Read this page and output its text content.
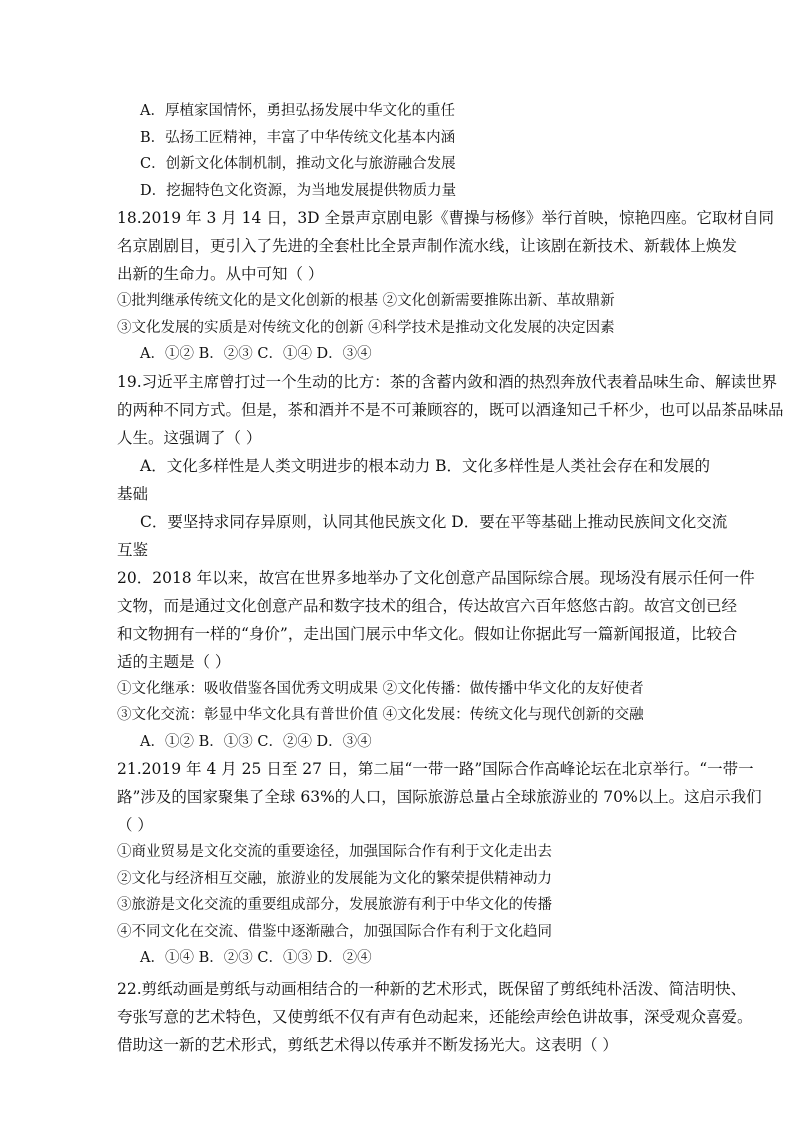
A．厚植家国情怀，勇担弘扬发展中华文化的重任
B．弘扬工匠精神，丰富了中华传统文化基本内涵
C．创新文化体制机制，推动文化与旅游融合发展
D．挖掘特色文化资源，为当地发展提供物质力量
18.2019 年 3 月 14 日，3D 全景声京剧电影《曹操与杨修》举行首映，惊艳四座。它取材自同
名京剧剧目，更引入了先进的全套杜比全景声制作流水线，让该剧在新技术、新载体上焕发
出新的生命力。从中可知（ ）
①批判继承传统文化的是文化创新的根基 ②文化创新需要推陈出新、革故鼎新
③文化发展的实质是对传统文化的创新 ④科学技术是推动文化发展的决定因素
A．①② B．②③ C．①④ D．③④
19.习近平主席曾打过一个生动的比方：茶的含蓄内敛和酒的热烈奔放代表着品味生命、解读世界
的两种不同方式。但是，茶和酒并不是不可兼顾容的，既可以酒逢知己千杯少，也可以品茶品味品
人生。这强调了（ ）
A．文化多样性是人类文明进步的根本动力 B．文化多样性是人类社会存在和发展的
基础
C．要坚持求同存异原则，认同其他民族文化 D．要在平等基础上推动民族间文化交流
互鉴
20．2018 年以来，故宫在世界多地举办了文化创意产品国际综合展。现场没有展示任何一件
文物，而是通过文化创意产品和数字技术的组合，传达故宫六百年悠悠古韵。故宫文创已经
和文物拥有一样的“身价”，走出国门展示中华文化。假如让你据此写一篇新闻报道，比较合
适的主题是（ ）
①文化继承：吸收借鉴各国优秀文明成果 ②文化传播：做传播中华文化的友好使者
③文化交流：彰显中华文化具有普世价值 ④文化发展：传统文化与现代创新的交融
A．①② B．①③ C．②④ D．③④
21.2019 年 4 月 25 日至 27 日，第二届“一带一路”国际合作高峰论坛在北京举行。“一带一
路”涉及的国家聚集了全球 63%的人口，国际旅游总量占全球旅游业的 70%以上。这启示我们
（ ）
①商业贸易是文化交流的重要途径，加强国际合作有利于文化走出去
②文化与经济相互交融，旅游业的发展能为文化的繁荣提供精神动力
③旅游是文化交流的重要组成部分，发展旅游有利于中华文化的传播
④不同文化在交流、借鉴中逐渐融合，加强国际合作有利于文化趋同
A．①④ B．②③ C．①③ D．②④
22.剪纸动画是剪纸与动画相结合的一种新的艺术形式，既保留了剪纸纯朴活泼、简洁明快、
夸张写意的艺术特色，又使剪纸不仅有声有色动起来，还能绘声绘色讲故事，深受观众喜爱。
借助这一新的艺术形式，剪纸艺术得以传承并不断发扬光大。这表明（ ）
